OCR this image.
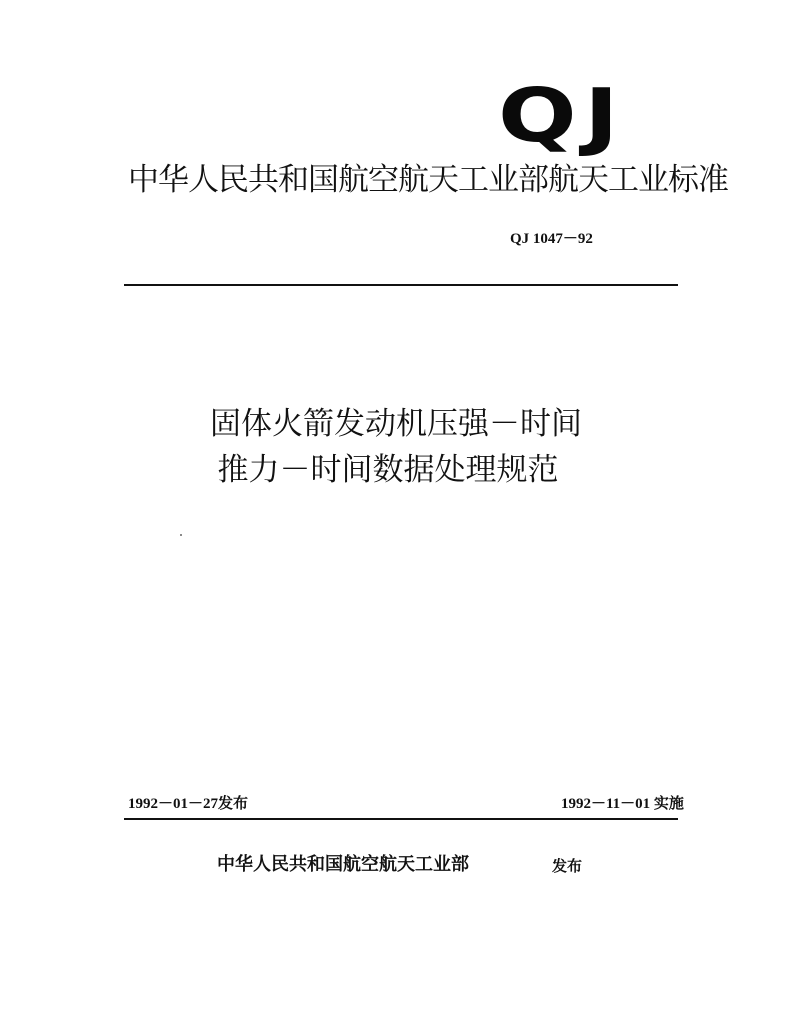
QJ
中华人民共和国航空航天工业部航天工业标准
QJ 1047－92
固体火箭发动机压强－时间
推力－时间数据处理规范
1992－01－27发布	1992－11－01 实施
中华人民共和国航空航天工业部	发布
